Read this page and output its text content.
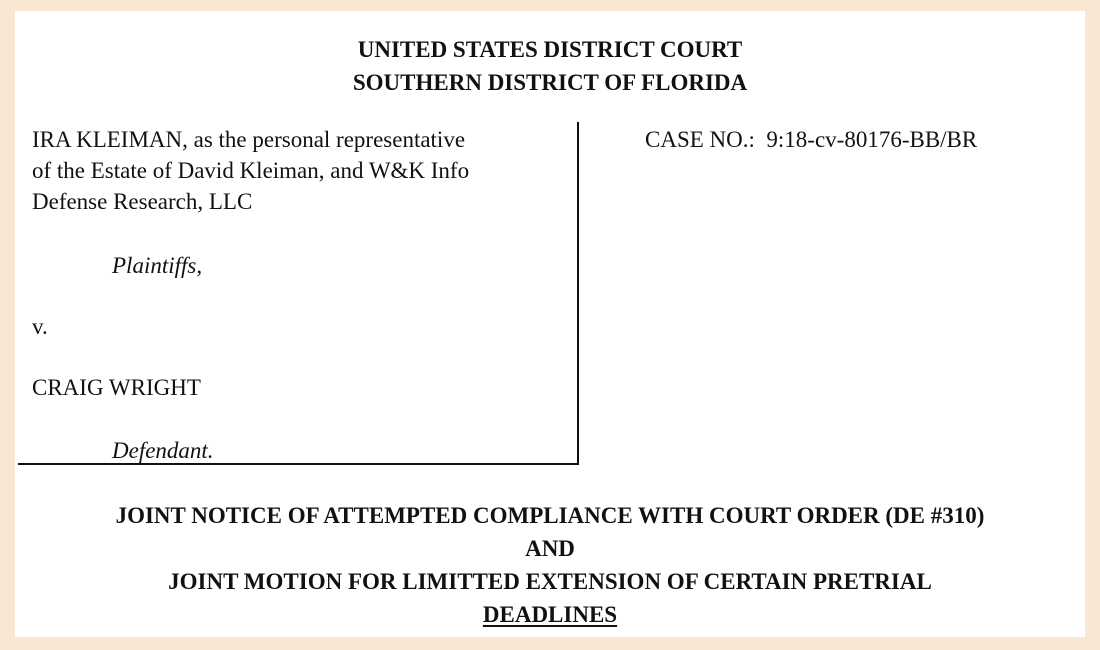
UNITED STATES DISTRICT COURT
SOUTHERN DISTRICT OF FLORIDA

IRA KLEIMAN, as the personal representative

of the Estate of David Kleiman, and W&K Info

Defense Research, LLC

Plaintiffs,

v.

CRAIG WRIGHT

Defendant.

CASE NO.: 9:18-cv-80176-BB/BR
JOINT NOTICE OF ATTEMPTED COMPLIANCE WITH COURT ORDER (DE #310)
AND
JOINT MOTION FOR LIMITTED EXTENSION OF CERTAIN PRETRIAL
DEADLINES
